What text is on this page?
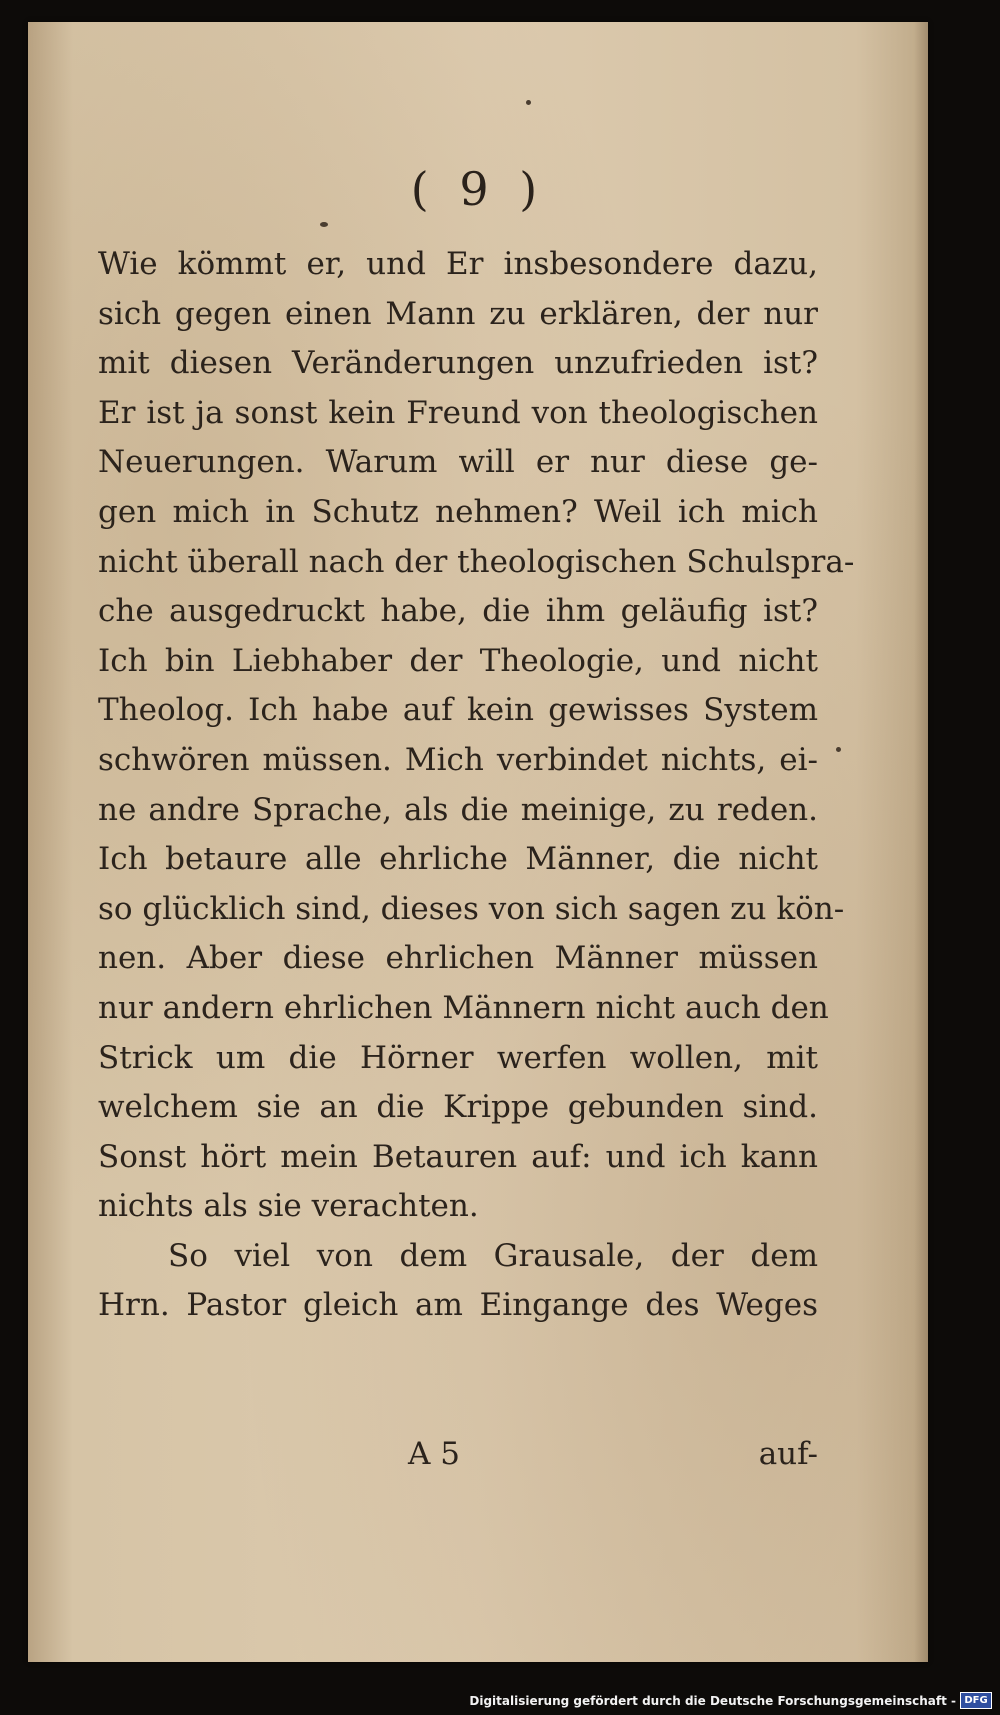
( 9 )
Wie kömmt er, und Er insbesondere dazu,
sich gegen einen Mann zu erklären, der nur
mit diesen Veränderungen unzufrieden ist?
Er ist ja sonst kein Freund von theologischen
Neuerungen. Warum will er nur diese ge-
gen mich in Schutz nehmen? Weil ich mich
nicht überall nach der theologischen Schulspra-
che ausgedruckt habe, die ihm geläufig ist?
Ich bin Liebhaber der Theologie, und nicht
Theolog. Ich habe auf kein gewisses System
schwören müssen. Mich verbindet nichts, ei-
ne andre Sprache, als die meinige, zu reden.
Ich betaure alle ehrliche Männer, die nicht
so glücklich sind, dieses von sich sagen zu kön-
nen. Aber diese ehrlichen Männer müssen
nur andern ehrlichen Männern nicht auch den
Strick um die Hörner werfen wollen, mit
welchem sie an die Krippe gebunden sind.
Sonst hört mein Betauren auf: und ich kann
nichts als sie verachten.
So viel von dem Grausale, der dem
Hrn. Pastor gleich am Eingange des Weges
A 5	auf-
Digitalisierung gefördert durch die Deutsche Forschungsgemeinschaft - DFG
